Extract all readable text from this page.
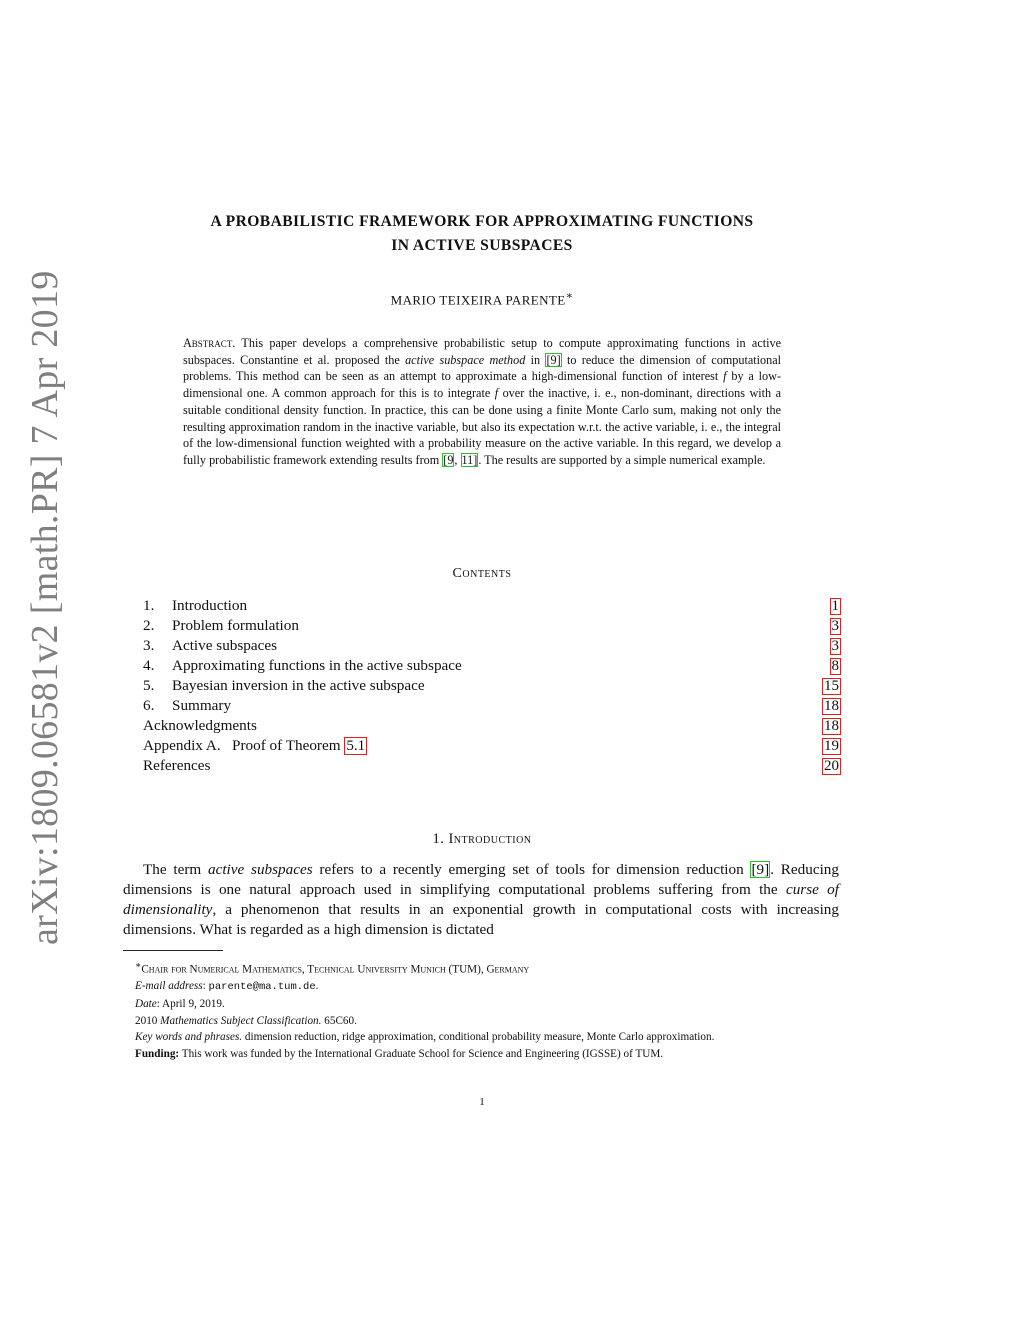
arXiv:1809.06581v2 [math.PR] 7 Apr 2019
A PROBABILISTIC FRAMEWORK FOR APPROXIMATING FUNCTIONS
IN ACTIVE SUBSPACES
MARIO TEIXEIRA PARENTE∗

Abstract. This paper develops a comprehensive probabilistic setup to compute approximating functions in active subspaces. Constantine et al. proposed the active subspace method in [9] to reduce the dimension of computational problems. This method can be seen as an attempt to approximate a high-dimensional function of interest f by a low-dimensional one. A common approach for this is to integrate f over the inactive, i. e., non-dominant, directions with a suitable conditional density function. In practice, this can be done using a finite Monte Carlo sum, making not only the resulting approximation random in the inactive variable, but also its expectation w.r.t. the active variable, i. e., the integral of the low-dimensional function weighted with a probability measure on the active variable. In this regard, we develop a fully probabilistic framework extending results from [9, 11]. The results are supported by a simple numerical example.

Contents
1. Introduction	1
2. Problem formulation	3
3. Active subspaces	3
4. Approximating functions in the active subspace	8
5. Bayesian inversion in the active subspace	15
6. Summary	18
Acknowledgments	18
Appendix A.   Proof of Theorem 5.1	19
References	20
1. Introduction

The term active subspaces refers to a recently emerging set of tools for dimension reduction [9]. Reducing dimensions is one natural approach used in simplifying computational problems suffering from the curse of dimensionality, a phenomenon that results in an exponential growth in computational costs with increasing dimensions. What is regarded as a high dimension is dictated

∗Chair for Numerical Mathematics, Technical University Munich (TUM), Germany

E-mail address: parente@ma.tum.de.

Date: April 9, 2019.

2010 Mathematics Subject Classification. 65C60.

Key words and phrases. dimension reduction, ridge approximation, conditional probability measure, Monte Carlo approximation.

Funding: This work was funded by the International Graduate School for Science and Engineering (IGSSE) of TUM.

1
